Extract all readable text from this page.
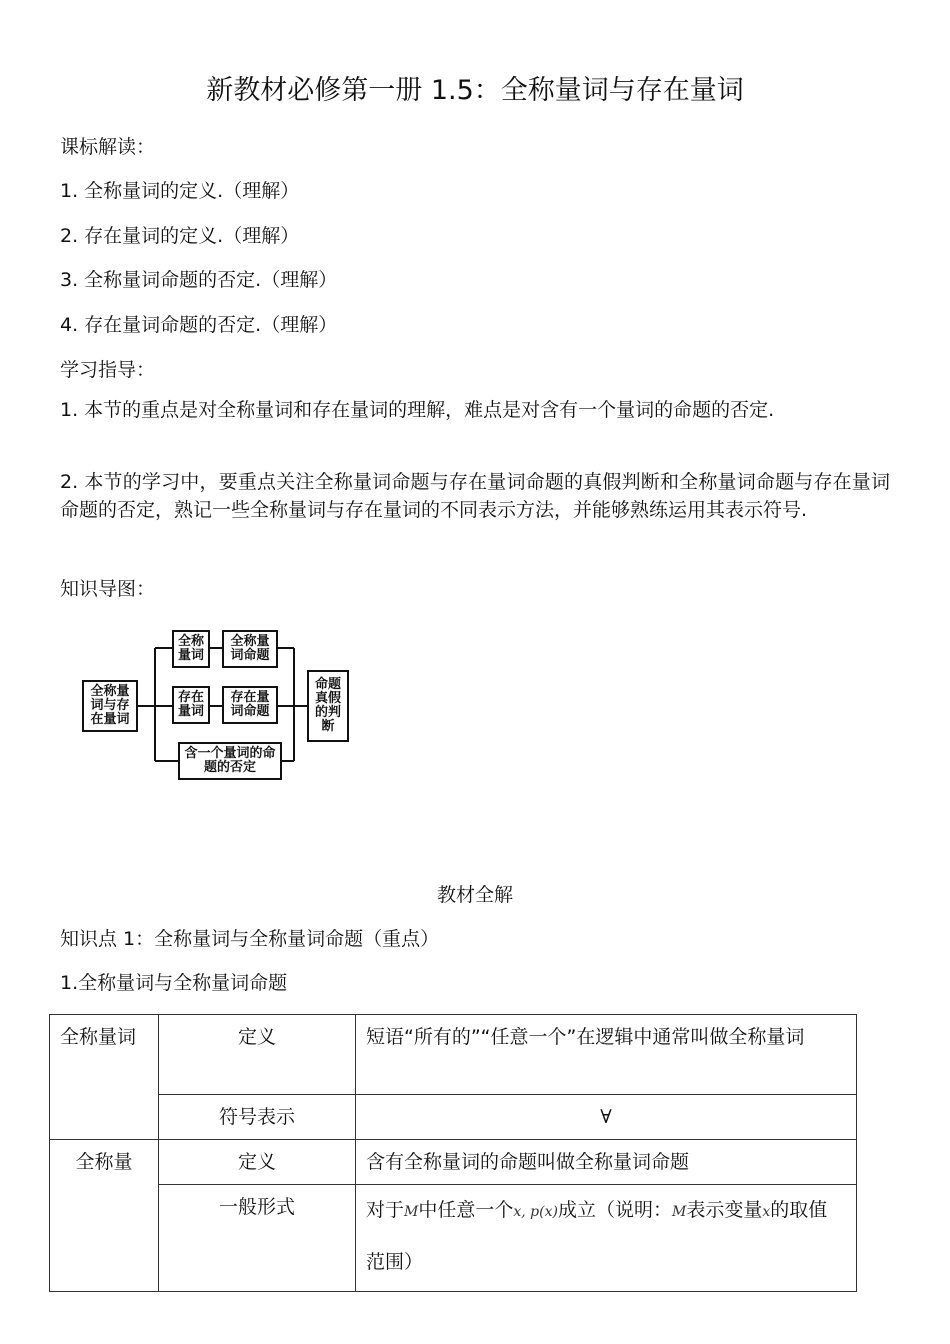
新教材必修第一册 1.5：全称量词与存在量词
课标解读：
1. 全称量词的定义.（理解）
2. 存在量词的定义.（理解）
3. 全称量词命题的否定.（理解）
4. 存在量词命题的否定.（理解）
学习指导：
1. 本节的重点是对全称量词和存在量词的理解，难点是对含有一个量词的命题的否定.
2. 本节的学习中，要重点关注全称量词命题与存在量词命题的真假判断和全称量词命题与存在量词命题的否定，熟记一些全称量词与存在量词的不同表示方法，并能够熟练运用其表示符号.
知识导图：
全称量词与存在量词
全称量词
全称量词命题
存在量词
存在量词命题
含一个量词的命题的否定
命题真假的判断
教材全解
知识点 1：全称量词与全称量词命题（重点）
1.全称量词与全称量词命题
全称量词	定义	短语“所有的”“任意一个”在逻辑中通常叫做全称量词
	符号表示	∀
全称量	定义	含有全称量词的命题叫做全称量词命题
	一般形式	对于M中任意一个x, p(x)成立（说明：M表示变量x的取值范围）
